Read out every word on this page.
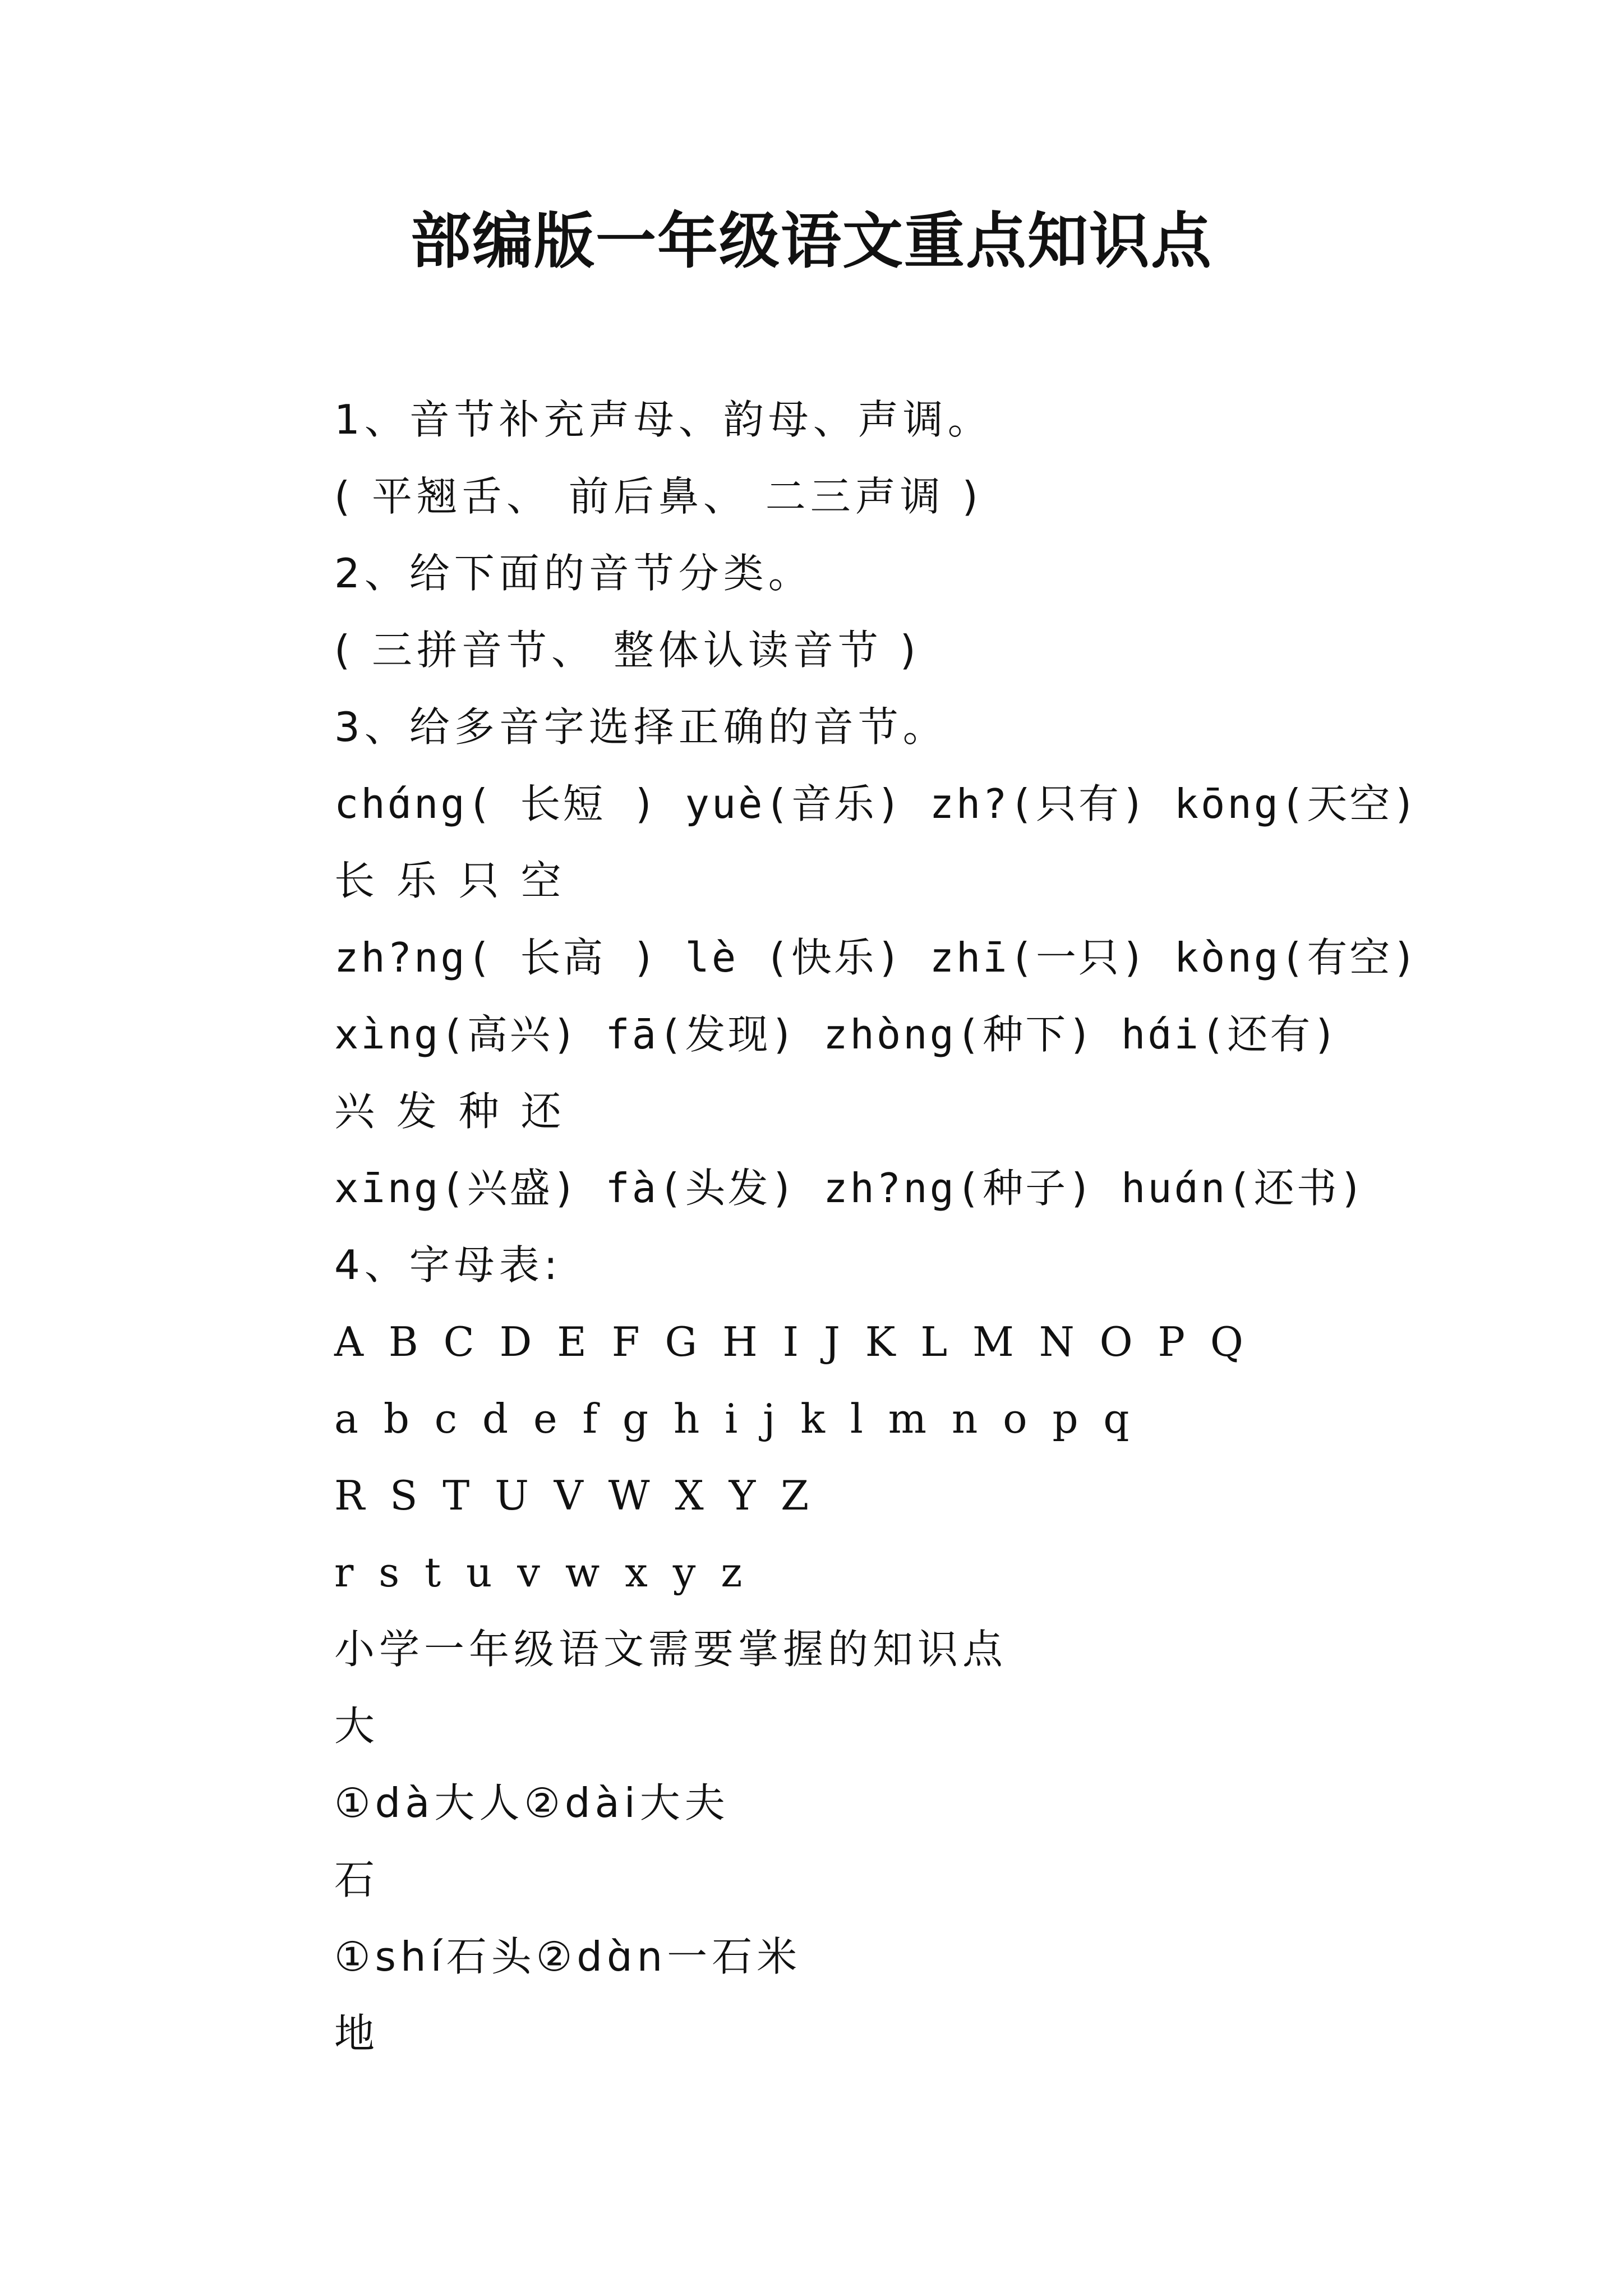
部编版一年级语文重点知识点
1、音节补充声母、韵母、声调。
( 平翘舌、 前后鼻、 二三声调 )
2、给下面的音节分类。
( 三拼音节、 整体认读音节 )
3、给多音字选择正确的音节。
chɑ́ng( 长短 ) yuè(音乐) zh?(只有) kōng(天空)
长 乐 只 空
zh?ng( 长高 ) lè (快乐) zhī(一只) kòng(有空)
xìng(高兴) fā(发现) zhòng(种下) hɑ́i(还有)
兴 发 种 还
xīng(兴盛) fà(头发) zh?ng(种子) huɑ́n(还书)
4、字母表:
A B C D E F G H I J K L M N O P Q
a b c d e f g h i j k l m n o p q
R S T U V W X Y Z
r s t u v w x y z
小学一年级语文需要掌握的知识点
大
①dà大人②dài大夫
石
①shí石头②dɑ̀n一石米
地
